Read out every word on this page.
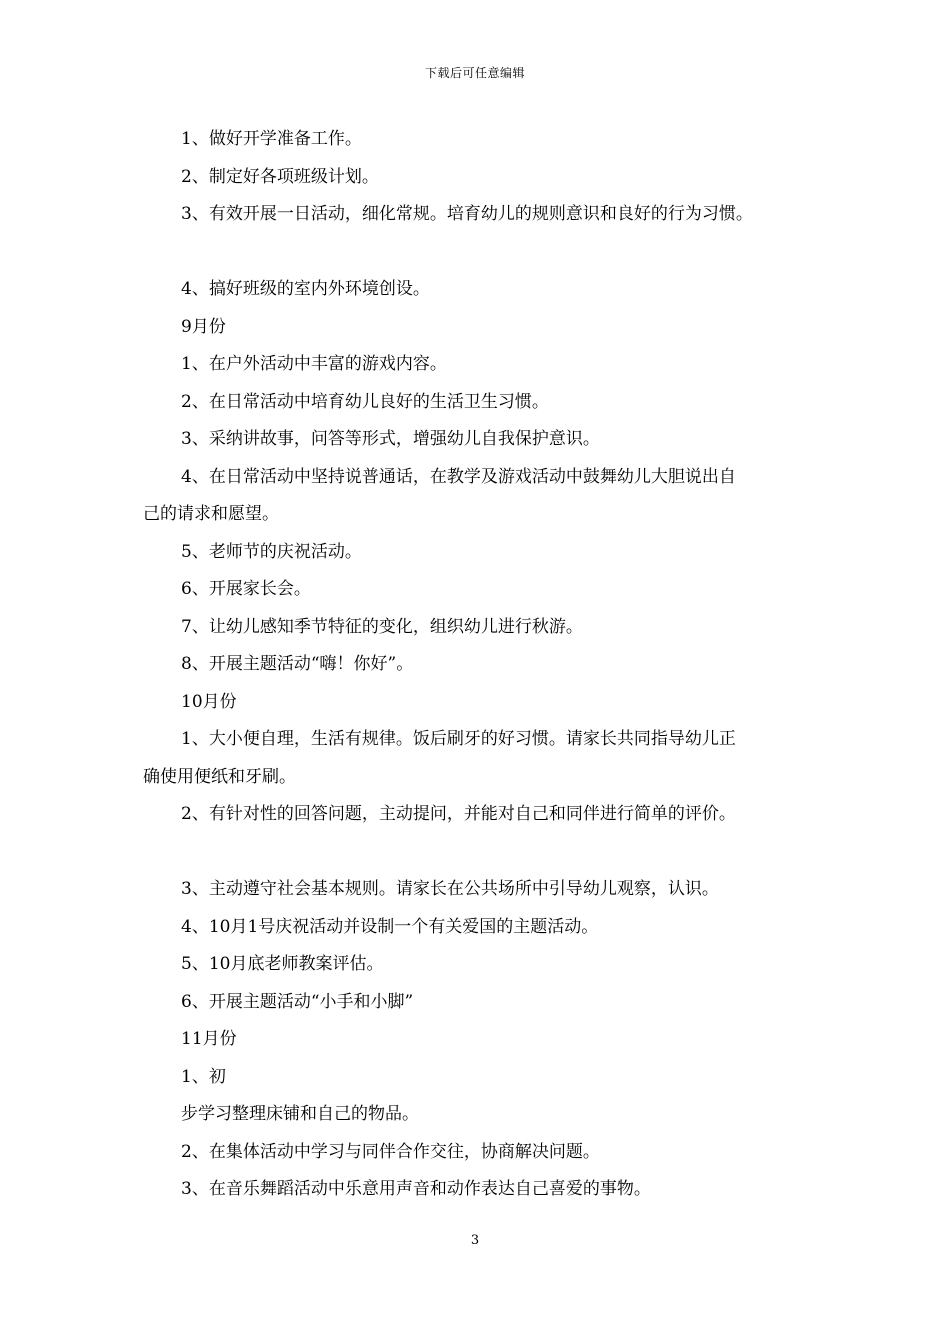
下载后可任意编辑
1、做好开学准备工作。
2、制定好各项班级计划。
3、有效开展一日活动，细化常规。培育幼儿的规则意识和良好的行为习惯。
4、搞好班级的室内外环境创设。
9月份
1、在户外活动中丰富的游戏内容。
2、在日常活动中培育幼儿良好的生活卫生习惯。
3、采纳讲故事，问答等形式，增强幼儿自我保护意识。
4、在日常活动中坚持说普通话，在教学及游戏活动中鼓舞幼儿大胆说出自
己的请求和愿望。
5、老师节的庆祝活动。
6、开展家长会。
7、让幼儿感知季节特征的变化，组织幼儿进行秋游。
8、开展主题活动“嗨！你好”。
10月份
1、大小便自理，生活有规律。饭后刷牙的好习惯。请家长共同指导幼儿正
确使用便纸和牙刷。
2、有针对性的回答问题，主动提问，并能对自己和同伴进行简单的评价。
3、主动遵守社会基本规则。请家长在公共场所中引导幼儿观察，认识。
4、10月1号庆祝活动并设制一个有关爱国的主题活动。
5、10月底老师教案评估。
6、开展主题活动“小手和小脚”
11月份
1、初
步学习整理床铺和自己的物品。
2、在集体活动中学习与同伴合作交往，协商解决问题。
3、在音乐舞蹈活动中乐意用声音和动作表达自己喜爱的事物。
3
